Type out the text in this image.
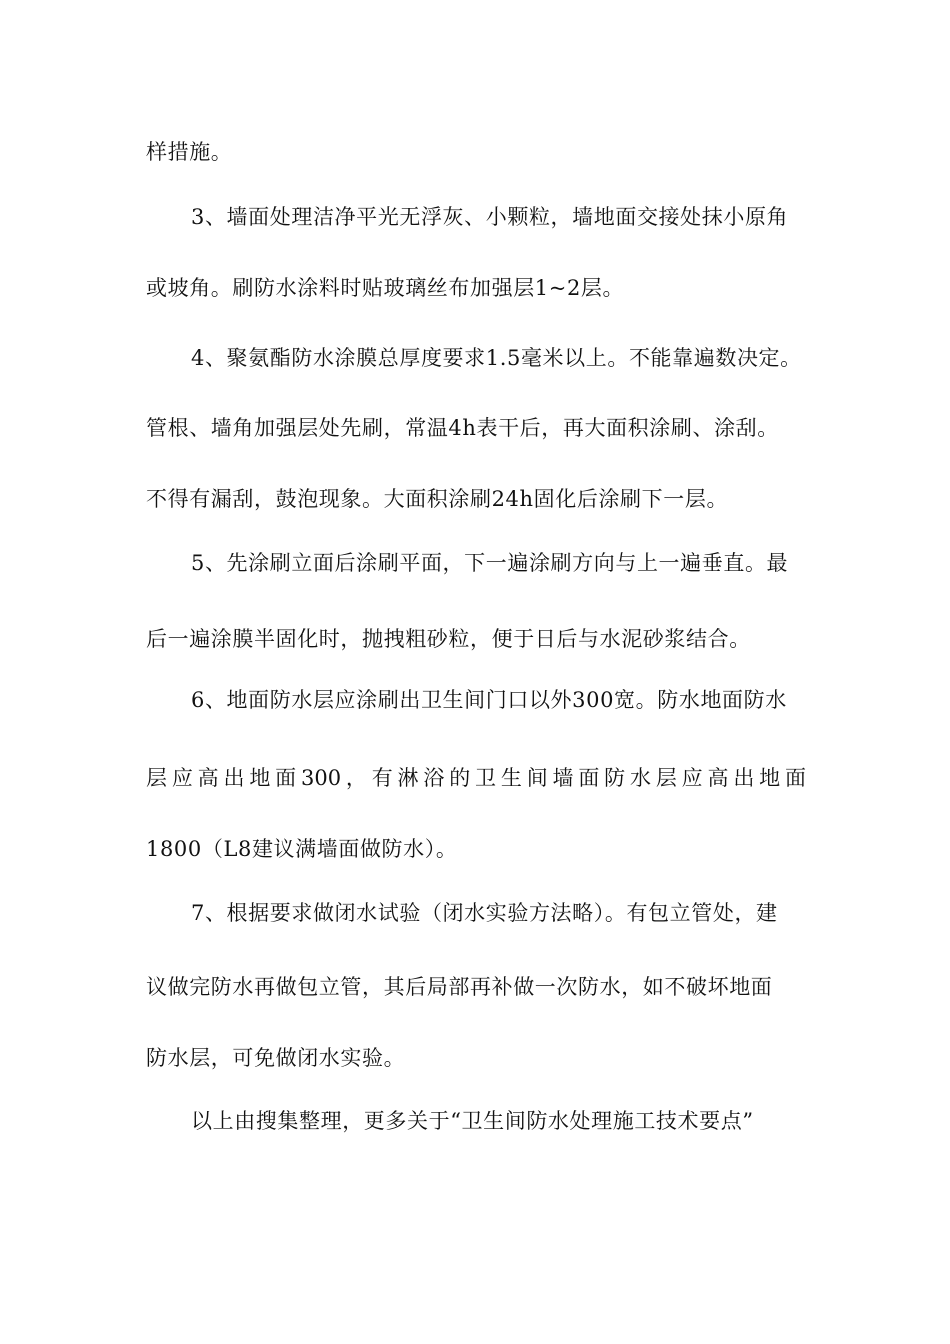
样措施。
3、墙面处理洁净平光无浮灰、小颗粒，墙地面交接处抹小原角
或坡角。刷防水涂料时贴玻璃丝布加强层1~2层。
4、聚氨酯防水涂膜总厚度要求1.5毫米以上。不能靠遍数决定。
管根、墙角加强层处先刷，常温4h表干后，再大面积涂刷、涂刮。
不得有漏刮，鼓泡现象。大面积涂刷24h固化后涂刷下一层。
5、先涂刷立面后涂刷平面，下一遍涂刷方向与上一遍垂直。最
后一遍涂膜半固化时，抛拽粗砂粒，便于日后与水泥砂浆结合。
6、地面防水层应涂刷出卫生间门口以外300宽。防水地面防水
层应高出地面300，有淋浴的卫生间墙面防水层应高出地面
1800（L8建议满墙面做防水）。
7、根据要求做闭水试验（闭水实验方法略）。有包立管处，建
议做完防水再做包立管，其后局部再补做一次防水，如不破坏地面
防水层，可免做闭水实验。
以上由搜集整理，更多关于“卫生间防水处理施工技术要点”
